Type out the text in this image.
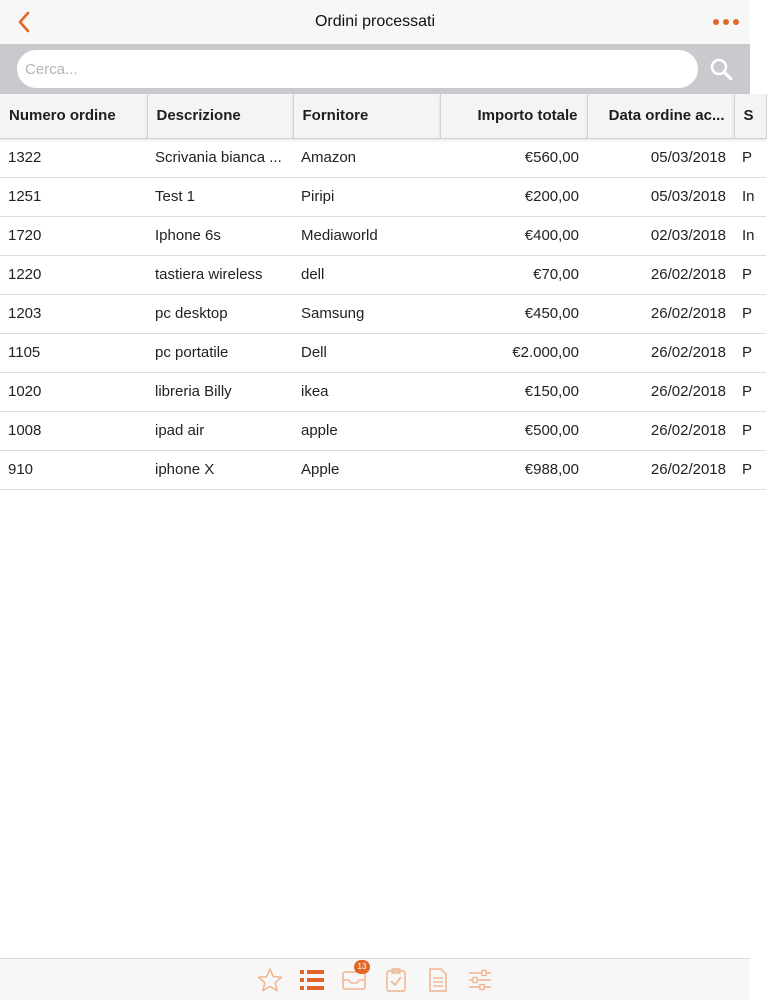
Ordini processati
Cerca...
Numero ordine	Descrizione	Fornitore	Importo totale	Data ordine ac...	S
1322	Scrivania bianca ...	Amazon	€560,00	05/03/2018	P
1251	Test 1	Piripi	€200,00	05/03/2018	In
1720	Iphone 6s	Mediaworld	€400,00	02/03/2018	In
1220	tastiera wireless	dell	€70,00	26/02/2018	P
1203	pc desktop	Samsung	€450,00	26/02/2018	P
1105	pc portatile	Dell	€2.000,00	26/02/2018	P
1020	libreria Billy	ikea	€150,00	26/02/2018	P
1008	ipad air	apple	€500,00	26/02/2018	P
910	iphone X	Apple	€988,00	26/02/2018	P
13
